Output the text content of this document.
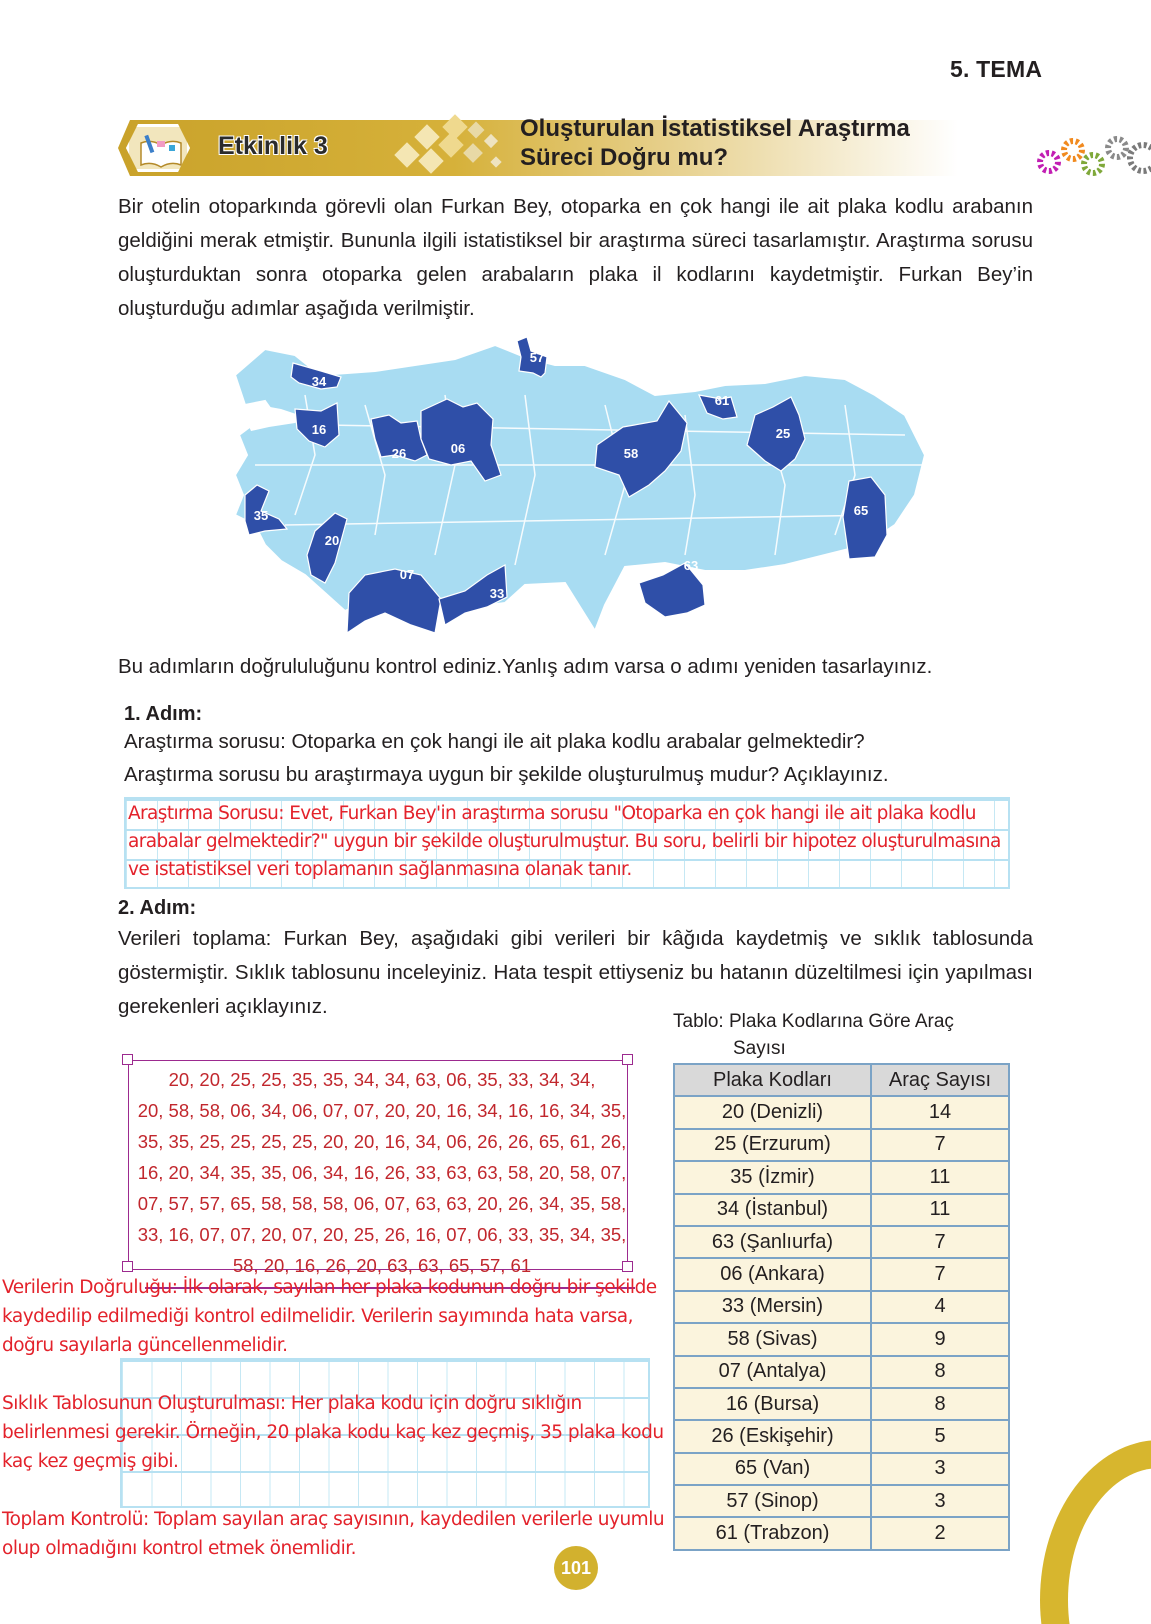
5. TEMA
Etkinlik 3
Oluşturulan İstatistiksel Araştırma
Süreci Doğru mu?
Bir otelin otoparkında görevli olan Furkan Bey, otoparka en çok hangi ile ait plaka kodlu arabanın geldiğini merak etmiştir. Bununla ilgili istatistiksel bir araştırma süreci tasarlamıştır. Araştırma sorusu oluşturduktan sonra otoparka gelen arabaların plaka il kodlarını kaydetmiştir. Furkan Bey’in oluşturduğu adımlar aşağıda verilmiştir.
34
57
16
26	06	58
61
25
65
35
20
07
33
63
Bu adımların doğrululuğunu kontrol ediniz.Yanlış adım varsa o adımı yeniden tasarlayınız.
1. Adım:
Araştırma sorusu: Otoparka en çok hangi ile ait plaka kodlu arabalar gelmektedir?
Araştırma sorusu bu araştırmaya uygun bir şekilde oluşturulmuş mudur? Açıklayınız.
Araştırma Sorusu: Evet, Furkan Bey'in araştırma sorusu "Otoparka en çok hangi ile ait plaka kodlu arabalar gelmektedir?" uygun bir şekilde oluşturulmuştur. Bu soru, belirli bir hipotez oluşturulmasına ve istatistiksel veri toplamanın sağlanmasına olanak tanır.
2. Adım:
Verileri toplama: Furkan Bey, aşağıdaki gibi verileri bir kâğıda kaydetmiş ve sıklık tablosunda göstermiştir. Sıklık tablosunu inceleyiniz. Hata tespit ettiyseniz bu hatanın düzeltilmesi için yapılması gerekenleri açıklayınız.
20, 20, 25, 25, 35, 35, 34, 34, 63, 06, 35, 33, 34, 34,
20, 58, 58, 06, 34, 06, 07, 07, 20, 20, 16, 34, 16, 16, 34, 35,
35, 35, 25, 25, 25, 25, 20, 20, 16, 34, 06, 26, 26, 65, 61, 26,
16, 20, 34, 35, 35, 06, 34, 16, 26, 33, 63, 63, 58, 20, 58, 07,
07, 57, 57, 65, 58, 58, 58, 06, 07, 63, 63, 20, 26, 34, 35, 58,
33, 16, 07, 07, 20, 07, 20, 25, 26, 16, 07, 06, 33, 35, 34, 35,
58, 20, 16, 26, 20, 63, 63, 65, 57, 61
Tablo: Plaka Kodlarına Göre Araç
Sayısı
Plaka Kodları	Araç Sayısı
20 (Denizli)	14
25 (Erzurum)	7
35 (İzmir)	11
34 (İstanbul)	11
63 (Şanlıurfa)	7
06 (Ankara)	7
33 (Mersin)	4
58 (Sivas)	9
07 (Antalya)	8
16 (Bursa)	8
26 (Eskişehir)	5
65 (Van)	3
57 (Sinop)	3
61 (Trabzon)	2
Verilerin Doğruluğu: İlk olarak, sayılan her plaka kodunun doğru bir şekilde kaydedilip edilmediği kontrol edilmelidir. Verilerin sayımında hata varsa, doğru sayılarla güncellenmelidir.
Sıklık Tablosunun Oluşturulması: Her plaka kodu için doğru sıklığın belirlenmesi gerekir. Örneğin, 20 plaka kodu kaç kez geçmiş, 35 plaka kodu kaç kez geçmiş gibi.
Toplam Kontrolü: Toplam sayılan araç sayısının, kaydedilen verilerle uyumlu olup olmadığını kontrol etmek önemlidir.
101
